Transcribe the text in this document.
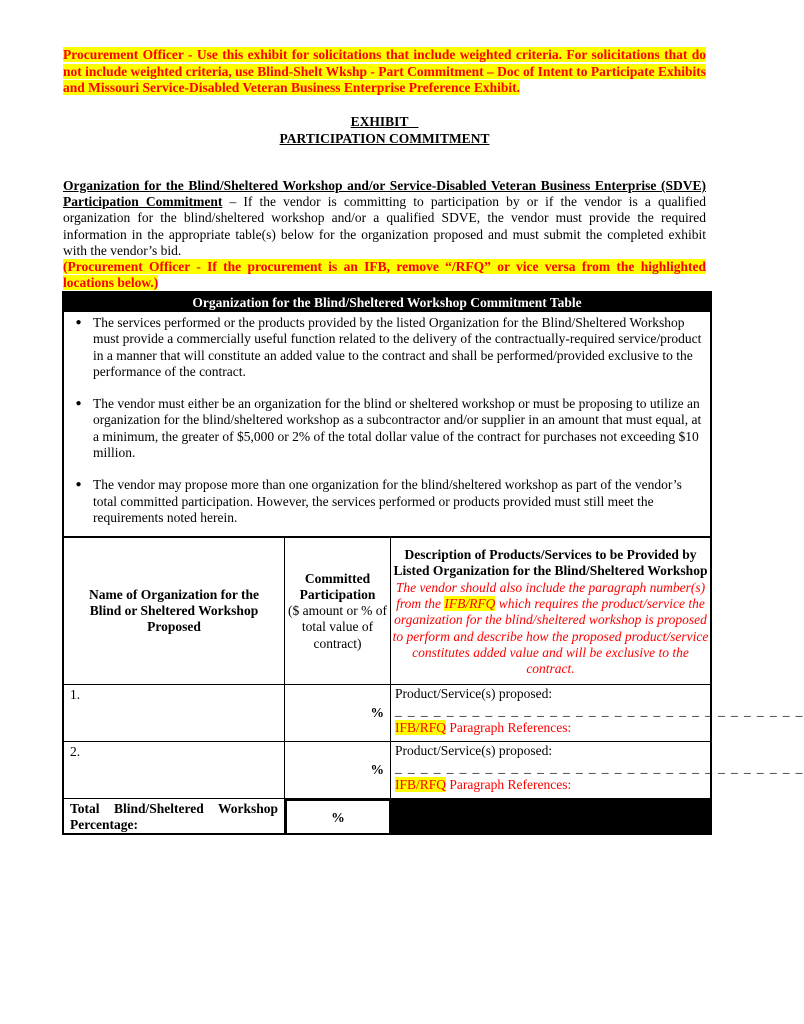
Procurement Officer - Use this exhibit for solicitations that include weighted criteria. For solicitations that do not include weighted criteria, use Blind-Shelt Wkshp - Part Commitment – Doc of Intent to Participate Exhibits and Missouri Service-Disabled Veteran Business Enterprise Preference Exhibit.
EXHIBIT _
PARTICIPATION COMMITMENT
Organization for the Blind/Sheltered Workshop and/or Service-Disabled Veteran Business Enterprise (SDVE) Participation Commitment – If the vendor is committing to participation by or if the vendor is a qualified organization for the blind/sheltered workshop and/or a qualified SDVE, the vendor must provide the required information in the appropriate table(s) below for the organization proposed and must submit the completed exhibit with the vendor’s bid.
(Procurement Officer - If the procurement is an IFB, remove “/RFQ” or vice versa from the highlighted locations below.)
Organization for the Blind/Sheltered Workshop Commitment Table
● The services performed or the products provided by the listed Organization for the Blind/Sheltered Workshop must provide a commercially useful function related to the delivery of the contractually-required service/product in a manner that will constitute an added value to the contract and shall be performed/provided exclusive to the performance of the contract.
● The vendor must either be an organization for the blind or sheltered workshop or must be proposing to utilize an organization for the blind/sheltered workshop as a subcontractor and/or supplier in an amount that must equal, at a minimum, the greater of $5,000 or 2% of the total dollar value of the contract for purchases not exceeding $10 million.
● The vendor may propose more than one organization for the blind/sheltered workshop as part of the vendor’s total committed participation. However, the services performed or products provided must still meet the requirements noted herein.
Name of Organization for the Blind or Sheltered Workshop Proposed
Committed Participation
($ amount or % of total value of contract)
Description of Products/Services to be Provided by Listed Organization for the Blind/Sheltered Workshop
The vendor should also include the paragraph number(s) from the IFB/RFQ which requires the product/service the organization for the blind/sheltered workshop is proposed to perform and describe how the proposed product/service constitutes added value and will be exclusive to the contract.
1.
%
Product/Service(s) proposed:
_ _ _ _ _ _ _ _ _ _ _ _ _ _ _ _ _ _ _ _ _ _ _ _ _ _ _ _ _ _ _ _
IFB/RFQ Paragraph References:
2.
%
Product/Service(s) proposed:
_ _ _ _ _ _ _ _ _ _ _ _ _ _ _ _ _ _ _ _ _ _ _ _ _ _ _ _ _ _ _ _
IFB/RFQ Paragraph References:
Total Blind/Sheltered Workshop Percentage:	%
